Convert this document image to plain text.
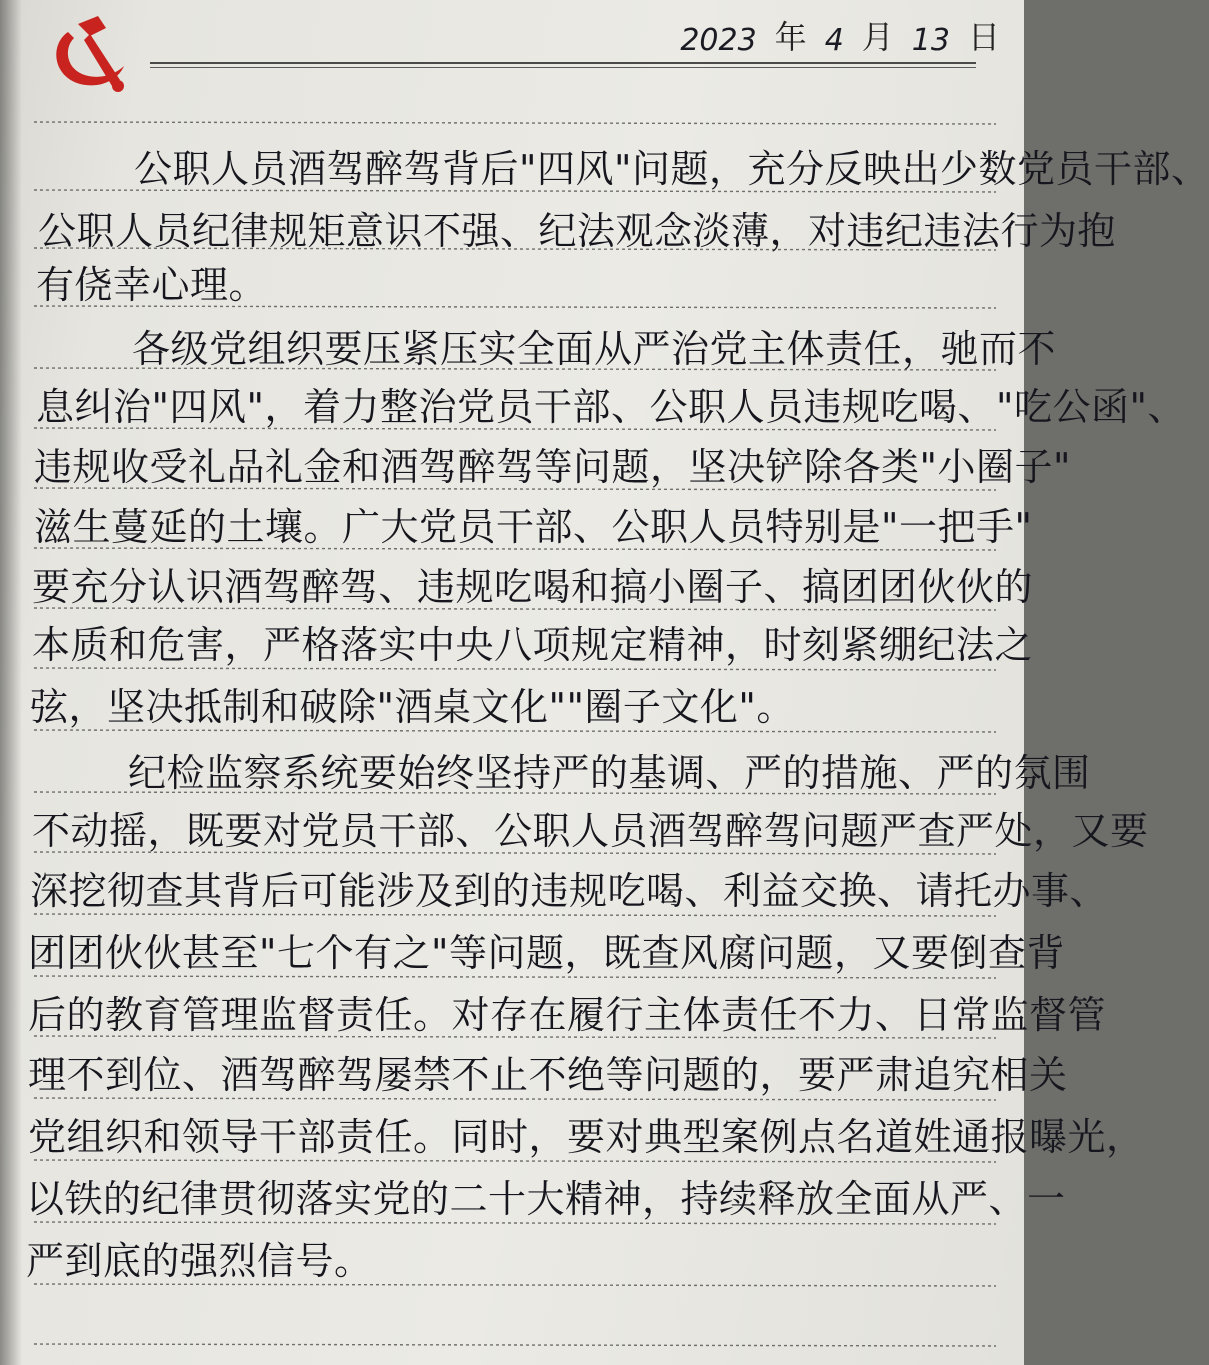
2023 年 4 月 13 日
公职人员酒驾醉驾背后"四风"问题，充分反映出少数党员干部、
公职人员纪律规矩意识不强、纪法观念淡薄，对违纪违法行为抱
有侥幸心理。
各级党组织要压紧压实全面从严治党主体责任，驰而不
息纠治"四风"，着力整治党员干部、公职人员违规吃喝、"吃公函"、
违规收受礼品礼金和酒驾醉驾等问题，坚决铲除各类"小圈子"
滋生蔓延的土壤。广大党员干部、公职人员特别是"一把手"
要充分认识酒驾醉驾、违规吃喝和搞小圈子、搞团团伙伙的
本质和危害，严格落实中央八项规定精神，时刻紧绷纪法之
弦，坚决抵制和破除"酒桌文化""圈子文化"。
纪检监察系统要始终坚持严的基调、严的措施、严的氛围
不动摇，既要对党员干部、公职人员酒驾醉驾问题严查严处，又要
深挖彻查其背后可能涉及到的违规吃喝、利益交换、请托办事、
团团伙伙甚至"七个有之"等问题，既查风腐问题，又要倒查背
后的教育管理监督责任。对存在履行主体责任不力、日常监督管
理不到位、酒驾醉驾屡禁不止不绝等问题的，要严肃追究相关
党组织和领导干部责任。同时，要对典型案例点名道姓通报曝光，
以铁的纪律贯彻落实党的二十大精神，持续释放全面从严、一
严到底的强烈信号。
